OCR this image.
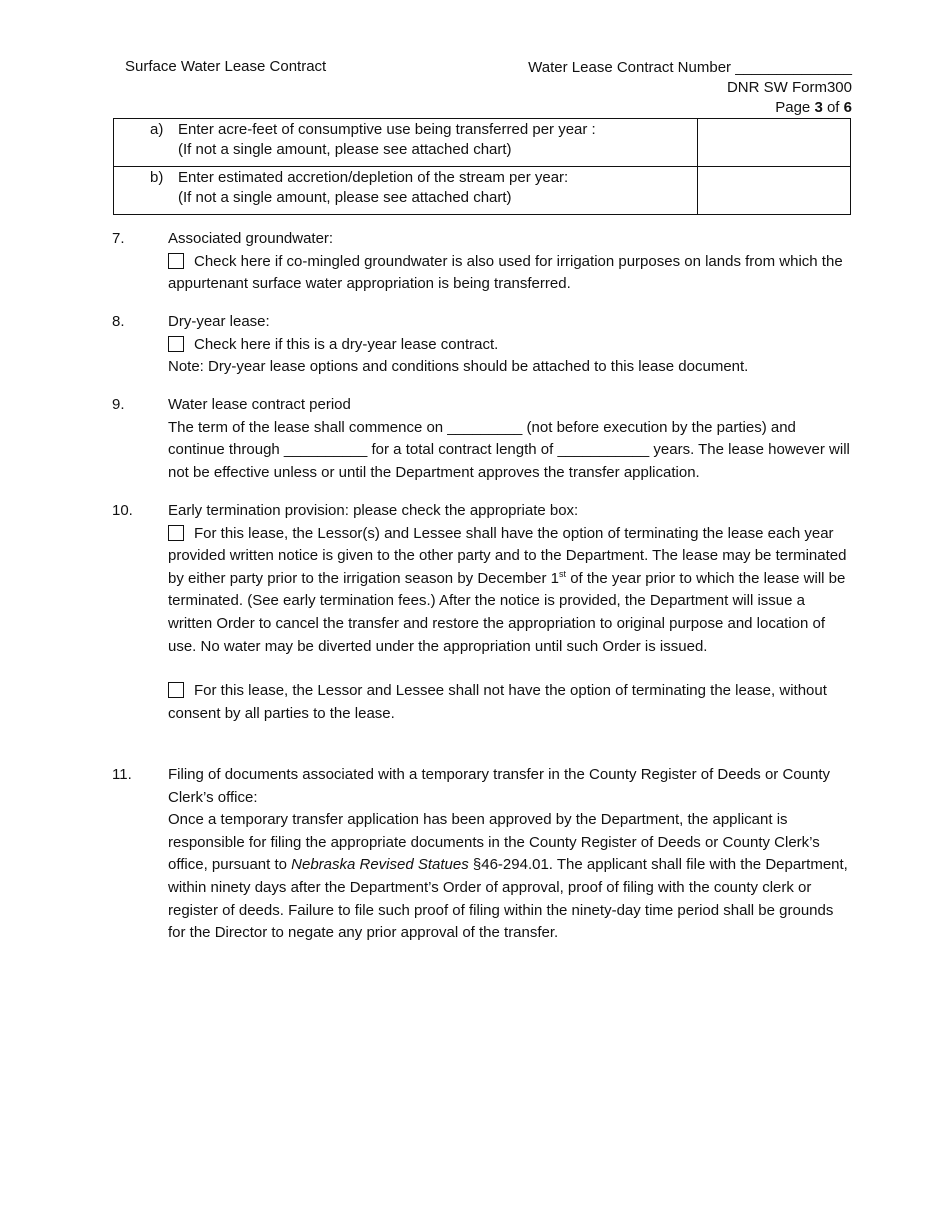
Surface Water Lease Contract	Water Lease Contract Number ______________
DNR SW Form300
Page 3 of 6
a) Enter acre-feet of consumptive use being transferred per year :
(If not a single amount, please see attached chart)	

b) Enter estimated accretion/depletion of the stream per year:
(If not a single amount, please see attached chart)	

7.	Associated groundwater:
Check here if co-mingled groundwater is also used for irrigation purposes on lands from which the appurtenant surface water appropriation is being transferred.
8.	Dry-year lease:
Check here if this is a dry-year lease contract.
Note: Dry-year lease options and conditions should be attached to this lease document.
9.	Water lease contract period
The term of the lease shall commence on _________ (not before execution by the parties) and continue through __________ for a total contract length of ___________ years. The lease however will not be effective unless or until the Department approves the transfer application.
10. Early termination provision: please check the appropriate box:
For this lease, the Lessor(s) and Lessee shall have the option of terminating the lease each year provided written notice is given to the other party and to the Department. The lease may be terminated by either party prior to the irrigation season by December 1st of the year prior to which the lease will be terminated. (See early termination fees.) After the notice is provided, the Department will issue a written Order to cancel the transfer and restore the appropriation to original purpose and location of use. No water may be diverted under the appropriation until such Order is issued.
For this lease, the Lessor and Lessee shall not have the option of terminating the lease, without consent by all parties to the lease.
11. Filing of documents associated with a temporary transfer in the County Register of Deeds or County Clerk’s office:
Once a temporary transfer application has been approved by the Department, the applicant is responsible for filing the appropriate documents in the County Register of Deeds or County Clerk’s office, pursuant to Nebraska Revised Statues §46-294.01. The applicant shall file with the Department, within ninety days after the Department’s Order of approval, proof of filing with the county clerk or register of deeds. Failure to file such proof of filing within the ninety-day time period shall be grounds for the Director to negate any prior approval of the transfer.
